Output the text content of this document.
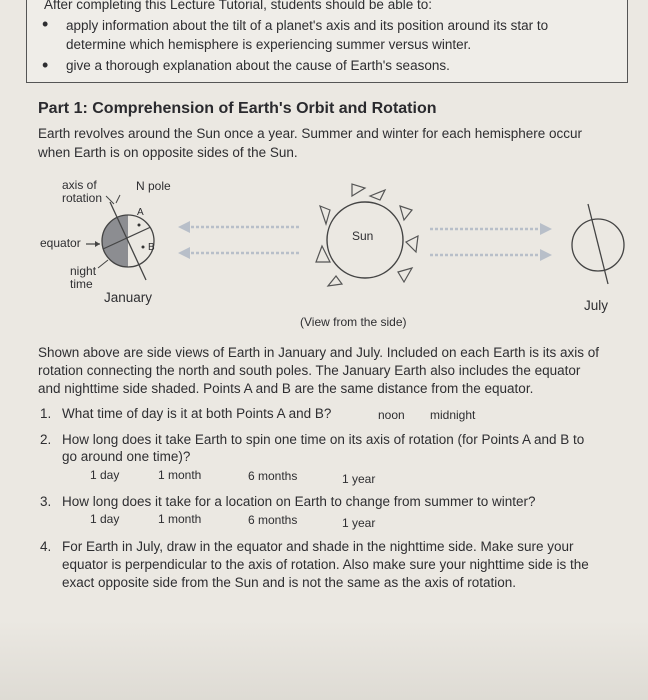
After completing this Lecture Tutorial, students should be able to:
• apply information about the tilt of a planet's axis and its position around its star to
determine which hemisphere is experiencing summer versus winter.
• give a thorough explanation about the cause of Earth's seasons.
Part 1: Comprehension of Earth's Orbit and Rotation
Earth revolves around the Sun once a year. Summer and winter for each hemisphere occur
when Earth is on opposite sides of the Sun.
axis of
rotation
N pole
equator
night
time
A
B
Sun
January
July
(View from the side)
Shown above are side views of Earth in January and July. Included on each Earth is its axis of
rotation connecting the north and south poles. The January Earth also includes the equator
and nighttime side shaded. Points A and B are the same distance from the equator.
1. What time of day is it at both Points A and B?	noon midnight
2. How long does it take Earth to spin one time on its axis of rotation (for Points A and B to
go around one time)?
1 day	1 month	6 months	1 year
3. How long does it take for a location on Earth to change from summer to winter?
1 day	1 month	6 months	1 year
4. For Earth in July, draw in the equator and shade in the nighttime side. Make sure your
equator is perpendicular to the axis of rotation. Also make sure your nighttime side is the
exact opposite side from the Sun and is not the same as the axis of rotation.
